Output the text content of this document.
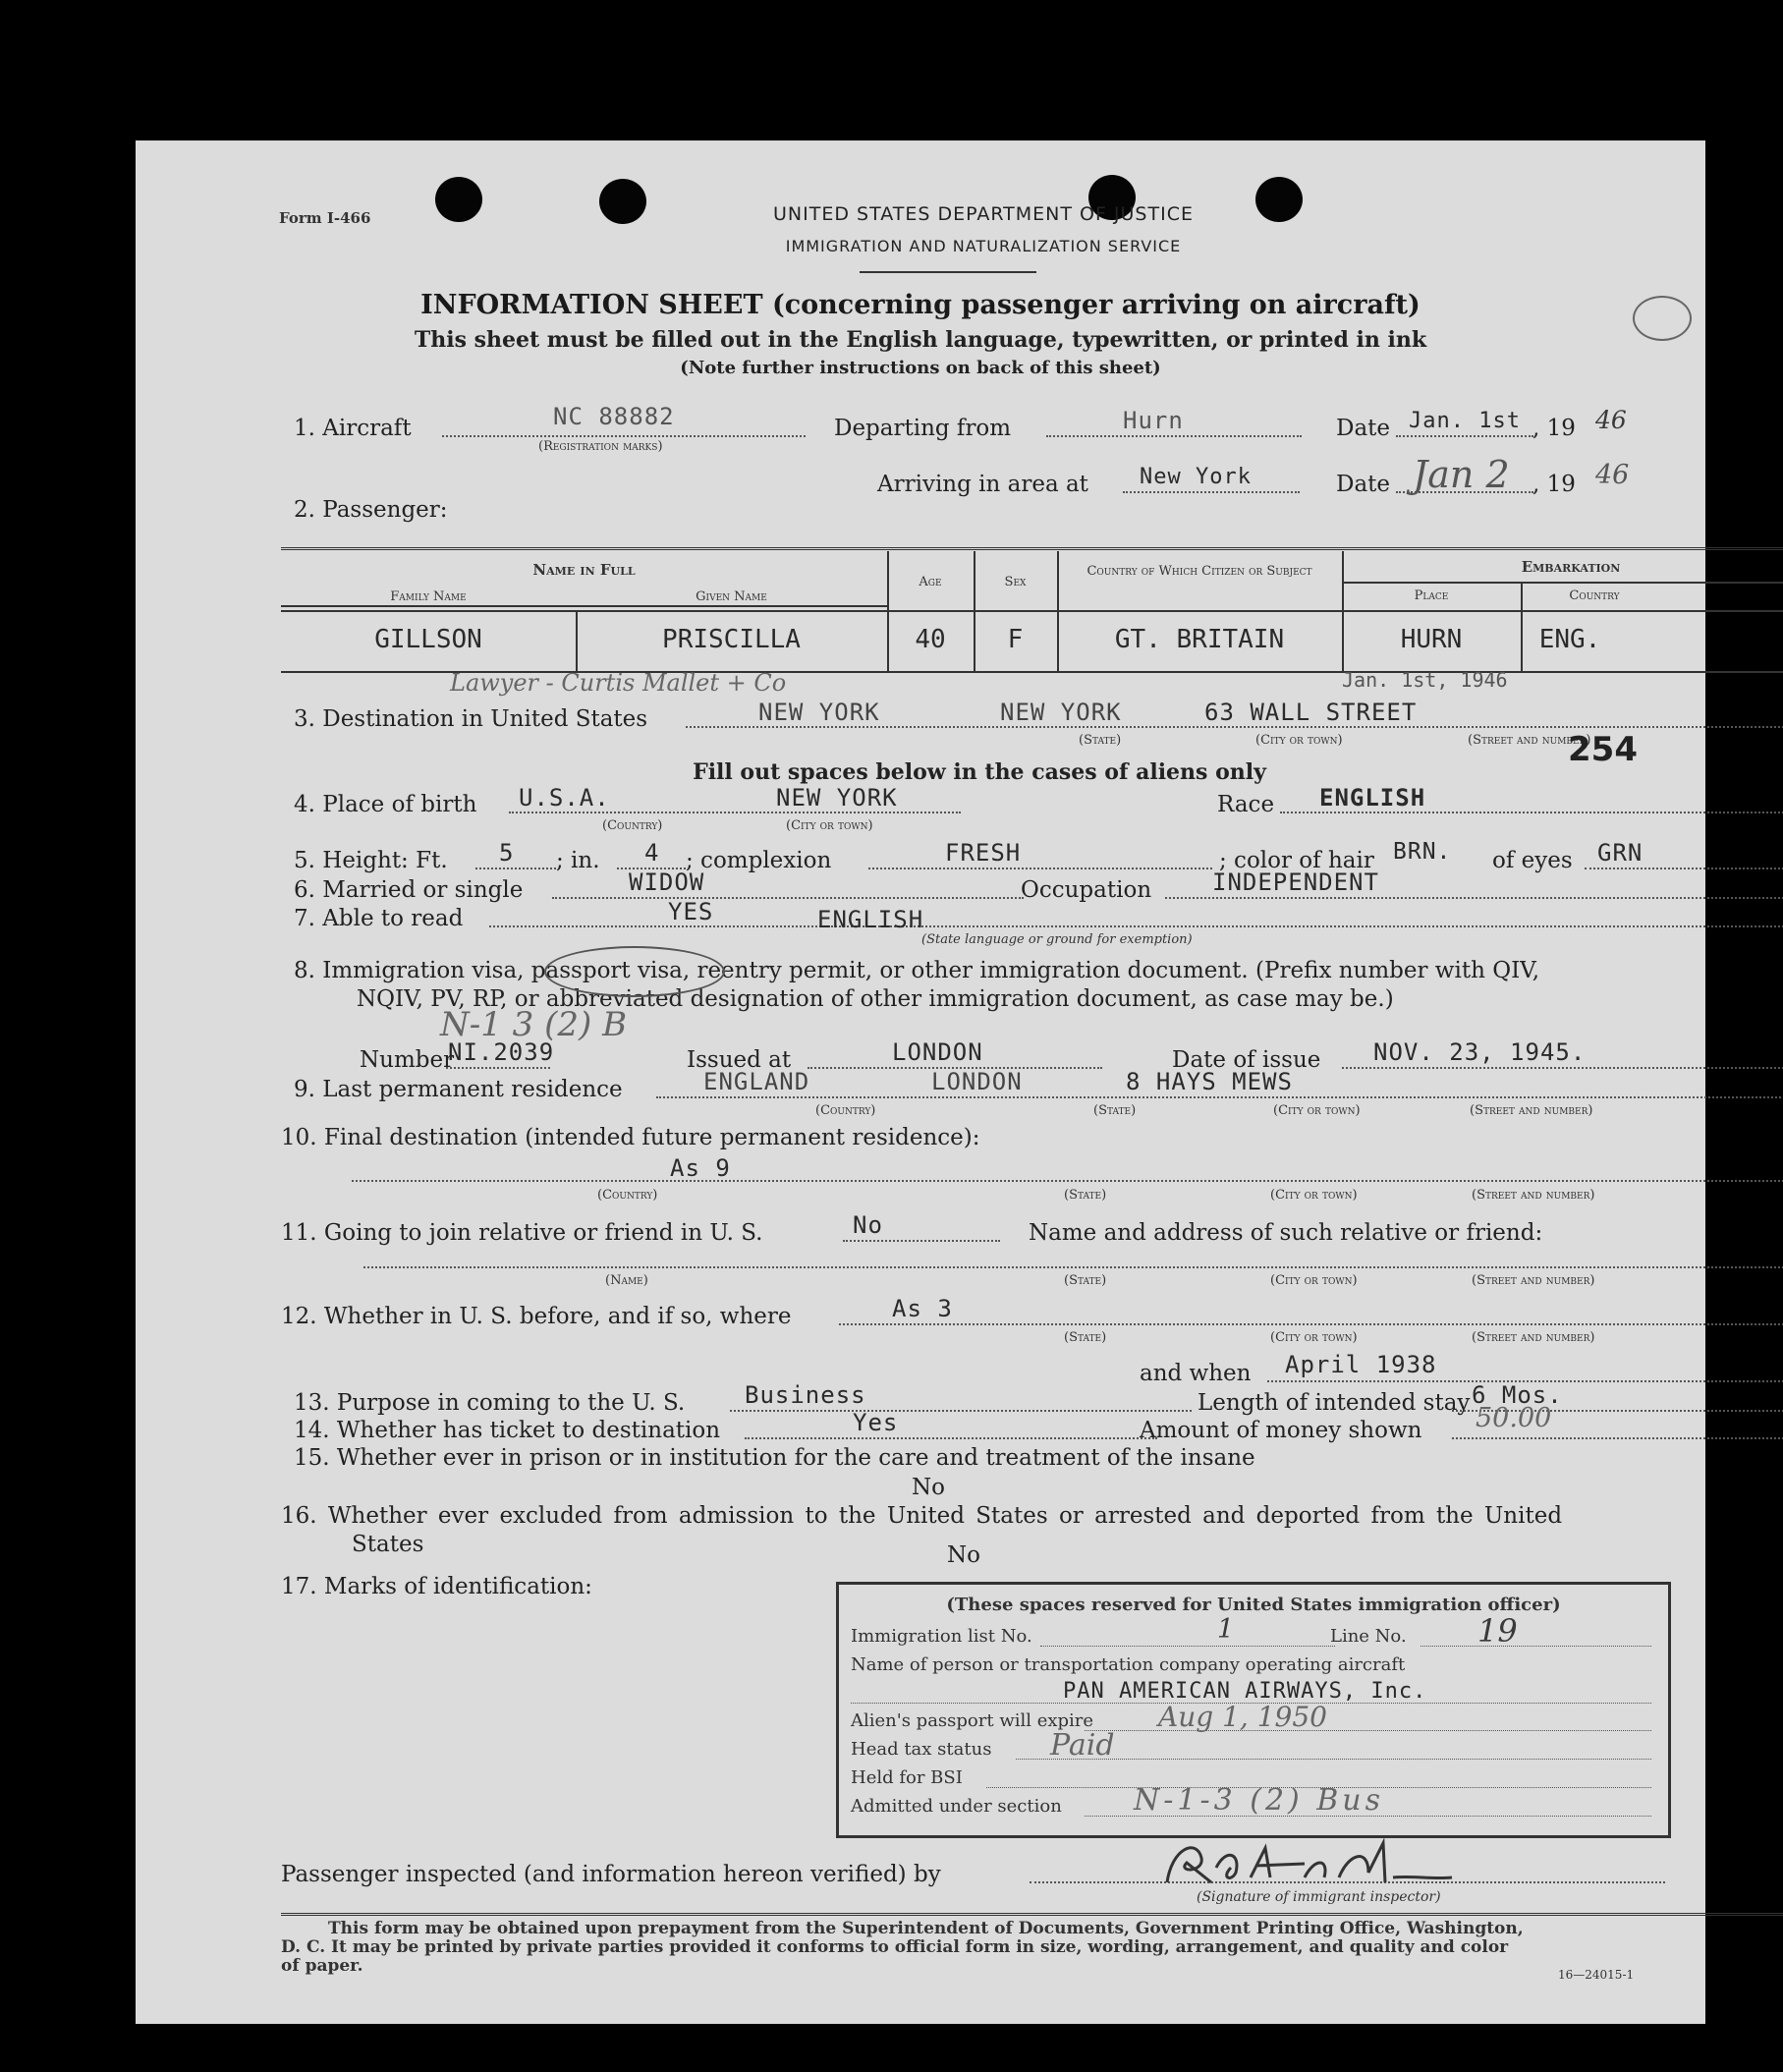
Form I-466	UNITED STATES DEPARTMENT OF JUSTICE
IMMIGRATION AND NATURALIZATION SERVICE
INFORMATION SHEET (concerning passenger arriving on aircraft)
This sheet must be filled out in the English language, typewritten, or printed in ink
(Note further instructions on back of this sheet)
1. Aircraft	NC 88882
(Registration marks)
Departing from	Hurn	Date Jan. 1st , 19 46
Arriving in area at New York	Date Jan 2 , 19 46
2. Passenger:
Name in Full
Family Name	Given Name
Age	Sex
Country of Which Citizen or Subject	Embarkation
Place	Country
GILLSON	PRISCILLA	40	F	GT. BRITAIN	HURN	ENG.
Jan. 1st, 1946
Lawyer - Curtis Mallet + Co
3. Destination in United States	NEW YORK	NEW YORK	63 WALL STREET
(State)	(City or town)	(Street and number)
254
Fill out spaces below in the cases of aliens only
4. Place of birth U.S.A.	NEW YORK
(Country)	(City or town)
Race ENGLISH
5. Height: Ft. 5 ; in. 4 ; complexion	FRESH	; color of hair BRN. of eyes GRN
6. Married or single	WIDOW	Occupation	INDEPENDENT
7. Able to read	YES	ENGLISH
(State language or ground for exemption)
8. Immigration visa, passport visa, reentry permit, or other immigration document. (Prefix number with QIV,
NQIV, PV, RP, or abbreviated designation of other immigration document, as case may be.)
N-1 3 (2) B
Number
NI.2039	Issued at	LONDON	Date of issue NOV. 23, 1945.
9. Last permanent residence	ENGLAND	LONDON	8 HAYS MEWS
(Country)	(State)	(City or town)	(Street and number)
10. Final destination (intended future permanent residence):
As 9
(Country)	(State)	(City or town)	(Street and number)
11. Going to join relative or friend in U. S.	No	Name and address of such relative or friend:
(Name)	(State)	(City or town)	(Street and number)
12. Whether in U. S. before, and if so, where	As 3
(State)	(City or town)	(Street and number)
and when April 1938
13. Purpose in coming to the U. S.	Business	Length of intended stay 6 Mos.
14. Whether has ticket to destination	Yes	Amount of money shown 50.00
15. Whether ever in prison or in institution for the care and treatment of the insane
No
16. Whether ever excluded from admission to the United States or arrested and deported from the United
States	No
17. Marks of identification:
(These spaces reserved for United States immigration officer)
Immigration list No.	1	Line No. 19
Name of person or transportation company operating aircraft
PAN AMERICAN AIRWAYS, Inc.
Alien's passport will expire Aug 1, 1950
Head tax status Paid
Held for BSI
Admitted under section N-1-3 (2) Bus
Passenger inspected (and information hereon verified) by
(Signature of immigrant inspector)
This form may be obtained upon prepayment from the Superintendent of Documents, Government Printing Office, Washington,
D. C. It may be printed by private parties provided it conforms to official form in size, wording, arrangement, and quality and color
of paper.	16—24015-1
